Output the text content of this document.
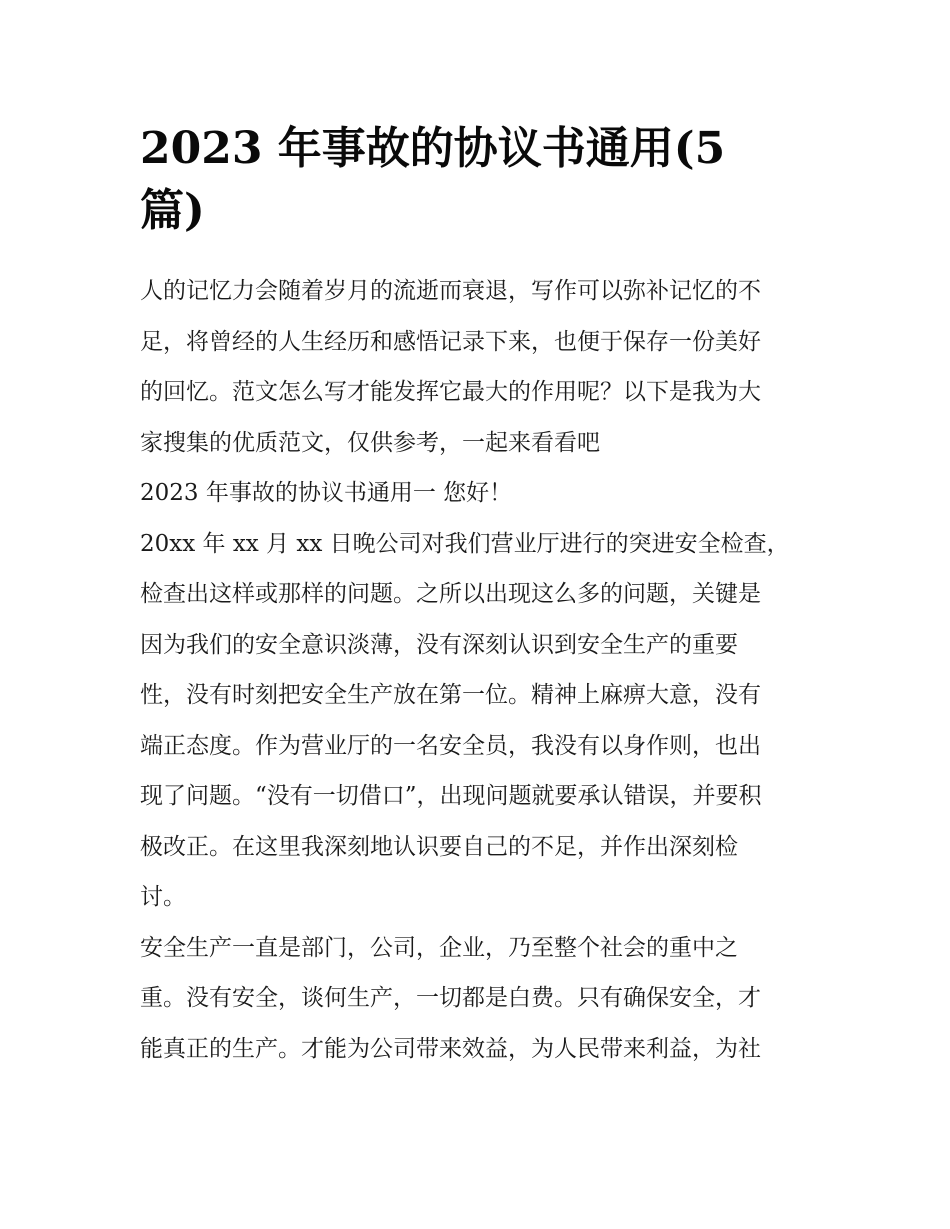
2023 年事故的协议书通用(5
篇)

人的记忆力会随着岁月的流逝而衰退，写作可以弥补记忆的不
足，将曾经的人生经历和感悟记录下来，也便于保存一份美好
的回忆。范文怎么写才能发挥它最大的作用呢？以下是我为大
家搜集的优质范文，仅供参考，一起来看看吧

2023 年事故的协议书通用一 您好！

20xx 年 xx 月 xx 日晚公司对我们营业厅进行的突进安全检查，
检查出这样或那样的问题。之所以出现这么多的问题，关键是
因为我们的安全意识淡薄，没有深刻认识到安全生产的重要
性，没有时刻把安全生产放在第一位。精神上麻痹大意，没有
端正态度。作为营业厅的一名安全员，我没有以身作则，也出
现了问题。“没有一切借口”，出现问题就要承认错误，并要积
极改正。在这里我深刻地认识要自己的不足，并作出深刻检
讨。

安全生产一直是部门，公司，企业，乃至整个社会的重中之
重。没有安全，谈何生产，一切都是白费。只有确保安全，才
能真正的生产。才能为公司带来效益，为人民带来利益，为社
